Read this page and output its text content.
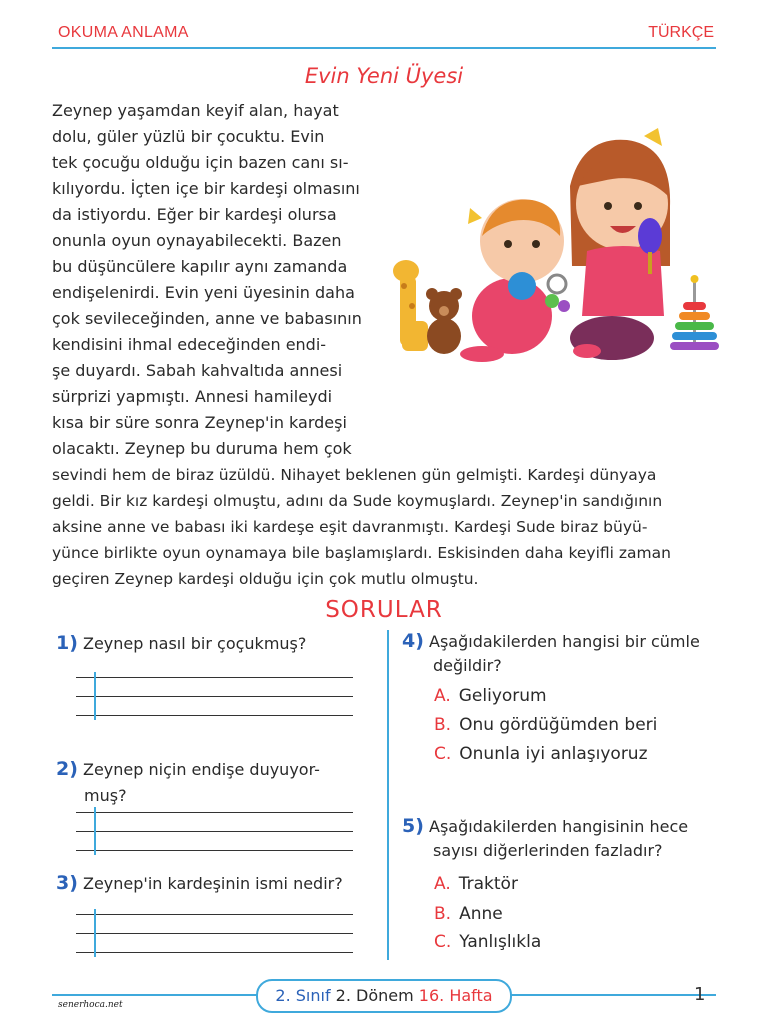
OKUMA ANLAMA	TÜRKÇE
Evin Yeni Üyesi
Zeynep yaşamdan keyif alan, hayat
dolu, güler yüzlü bir çocuktu. Evin
tek çocuğu olduğu için bazen canı sı-
kılıyordu. İçten içe bir kardeşi olmasını
da istiyordu. Eğer bir kardeşi olursa
onunla oyun oynayabilecekti. Bazen
bu düşüncülere kapılır aynı zamanda
endişelenirdi. Evin yeni üyesinin daha
çok sevileceğinden, anne ve babasının
kendisini ihmal edeceğinden endi-
şe duyardı. Sabah kahvaltıda annesi
sürprizi yapmıştı. Annesi hamileydi
kısa bir süre sonra Zeynep'in kardeşi
olacaktı. Zeynep bu duruma hem çok
sevindi hem de biraz üzüldü. Nihayet beklenen gün gelmişti. Kardeşi dünyaya
geldi. Bir kız kardeşi olmuştu, adını da Sude koymuşlardı. Zeynep'in sandığının
aksine anne ve babası iki kardeşe eşit davranmıştı. Kardeşi Sude biraz büyü-
yünce birlikte oyun oynamaya bile başlamışlardı. Eskisinden daha keyifli zaman
geçiren Zeynep kardeşi olduğu için çok mutlu olmuştu.
SORULAR
1) Zeynep nasıl bir çoçukmuş?
2) Zeynep niçin endişe duyuyor-
muş?
3) Zeynep'in kardeşinin ismi nedir?
4) Aşağıdakilerden hangisi bir cümle
değildir?
A. Geliyorum
B. Onu gördüğümden beri
C. Onunla iyi anlaşıyoruz
5) Aşağıdakilerden hangisinin hece
sayısı diğerlerinden fazladır?
A. Traktör
B. Anne
C. Yanlışlıkla
2. Sınıf 2. Dönem 16. Hafta	1
senerhoca.net
